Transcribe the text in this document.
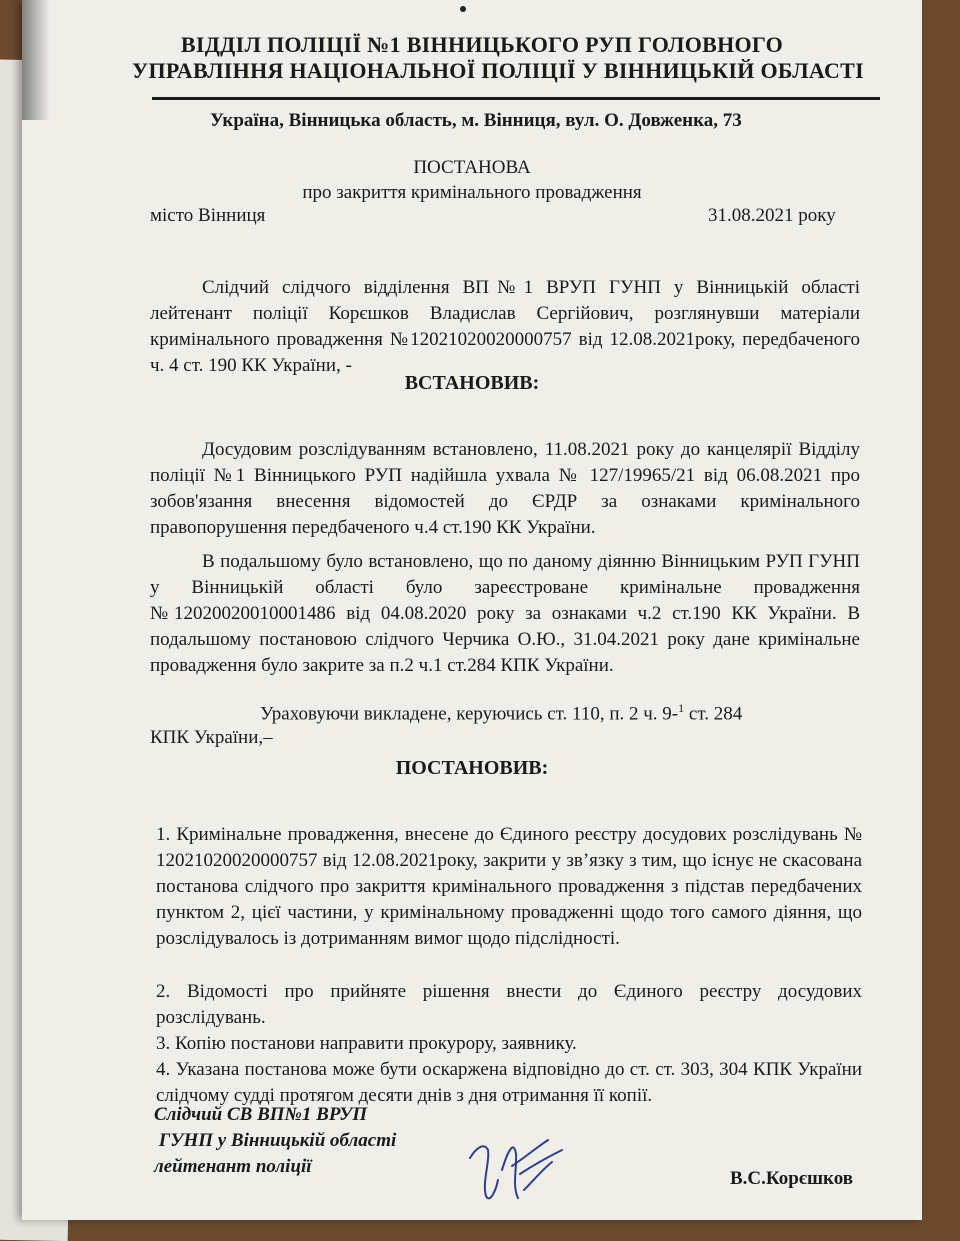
ВІДДІЛ ПОЛІЦІЇ №1 ВІННИЦЬКОГО РУП ГОЛОВНОГО

УПРАВЛІННЯ НАЦІОНАЛЬНОЇ ПОЛІЦІЇ У ВІННИЦЬКІЙ ОБЛАСТІ

Україна, Вінницька область, м. Вінниця, вул. О. Довженка, 73

ПОСТАНОВА

про закриття кримінального провадження

місто Вінниця	31.08.2021 року

Слідчий слідчого відділення ВП№1 ВРУП ГУНП у Вінницькій області лейтенант поліції Корєшков Владислав Сергійович, розглянувши матеріали кримінального провадження №12021020020000757 від 12.08.2021року, передбаченого ч. 4 ст. 190 КК України, -

ВСТАНОВИВ:

Досудовим розслідуванням встановлено, 11.08.2021 року до канцелярії Відділу поліції №1 Вінницького РУП надійшла ухвала № 127/19965/21 від 06.08.2021 про зобов'язання внесення відомостей до ЄРДР за ознаками кримінального правопорушення передбаченого ч.4 ст.190 КК України.

В подальшому було встановлено, що по даному діянню Вінницьким РУП ГУНП у Вінницькій області було зареєстроване кримінальне провадження №12020020010001486 від 04.08.2020 року за ознаками ч.2 ст.190 КК України. В подальшому постановою слідчого Черчика О.Ю., 31.04.2021 року дане кримінальне провадження було закрите за п.2 ч.1 ст.284 КПК України.

Ураховуючи викладене, керуючись ст. 110, п. 2 ч. 9-$^1$ ст. 284

КПК України,–

ПОСТАНОВИВ:

1. Кримінальне провадження, внесене до Єдиного реєстру досудових розслідувань № 12021020020000757 від 12.08.2021року, закрити у зв’язку з тим, що існує не скасована постанова слідчого про закриття кримінального провадження з підстав передбачених пунктом 2, цієї частини, у кримінальному провадженні щодо того самого діяння, що розслідувалось із дотриманням вимог щодо підслідності.

2. Відомості про прийняте рішення внести до Єдиного реєстру досудових розслідувань.

3. Копію постанови направити прокурору, заявнику.

4. Указана постанова може бути оскаржена відповідно до ст. ст. 303, 304 КПК України слідчому судді протягом десяти днів з дня отримання її копії.

Слідчий СВ ВП№1 ВРУП
ГУНП у Вінницькій області
лейтенант поліції

В.С.Корєшков
